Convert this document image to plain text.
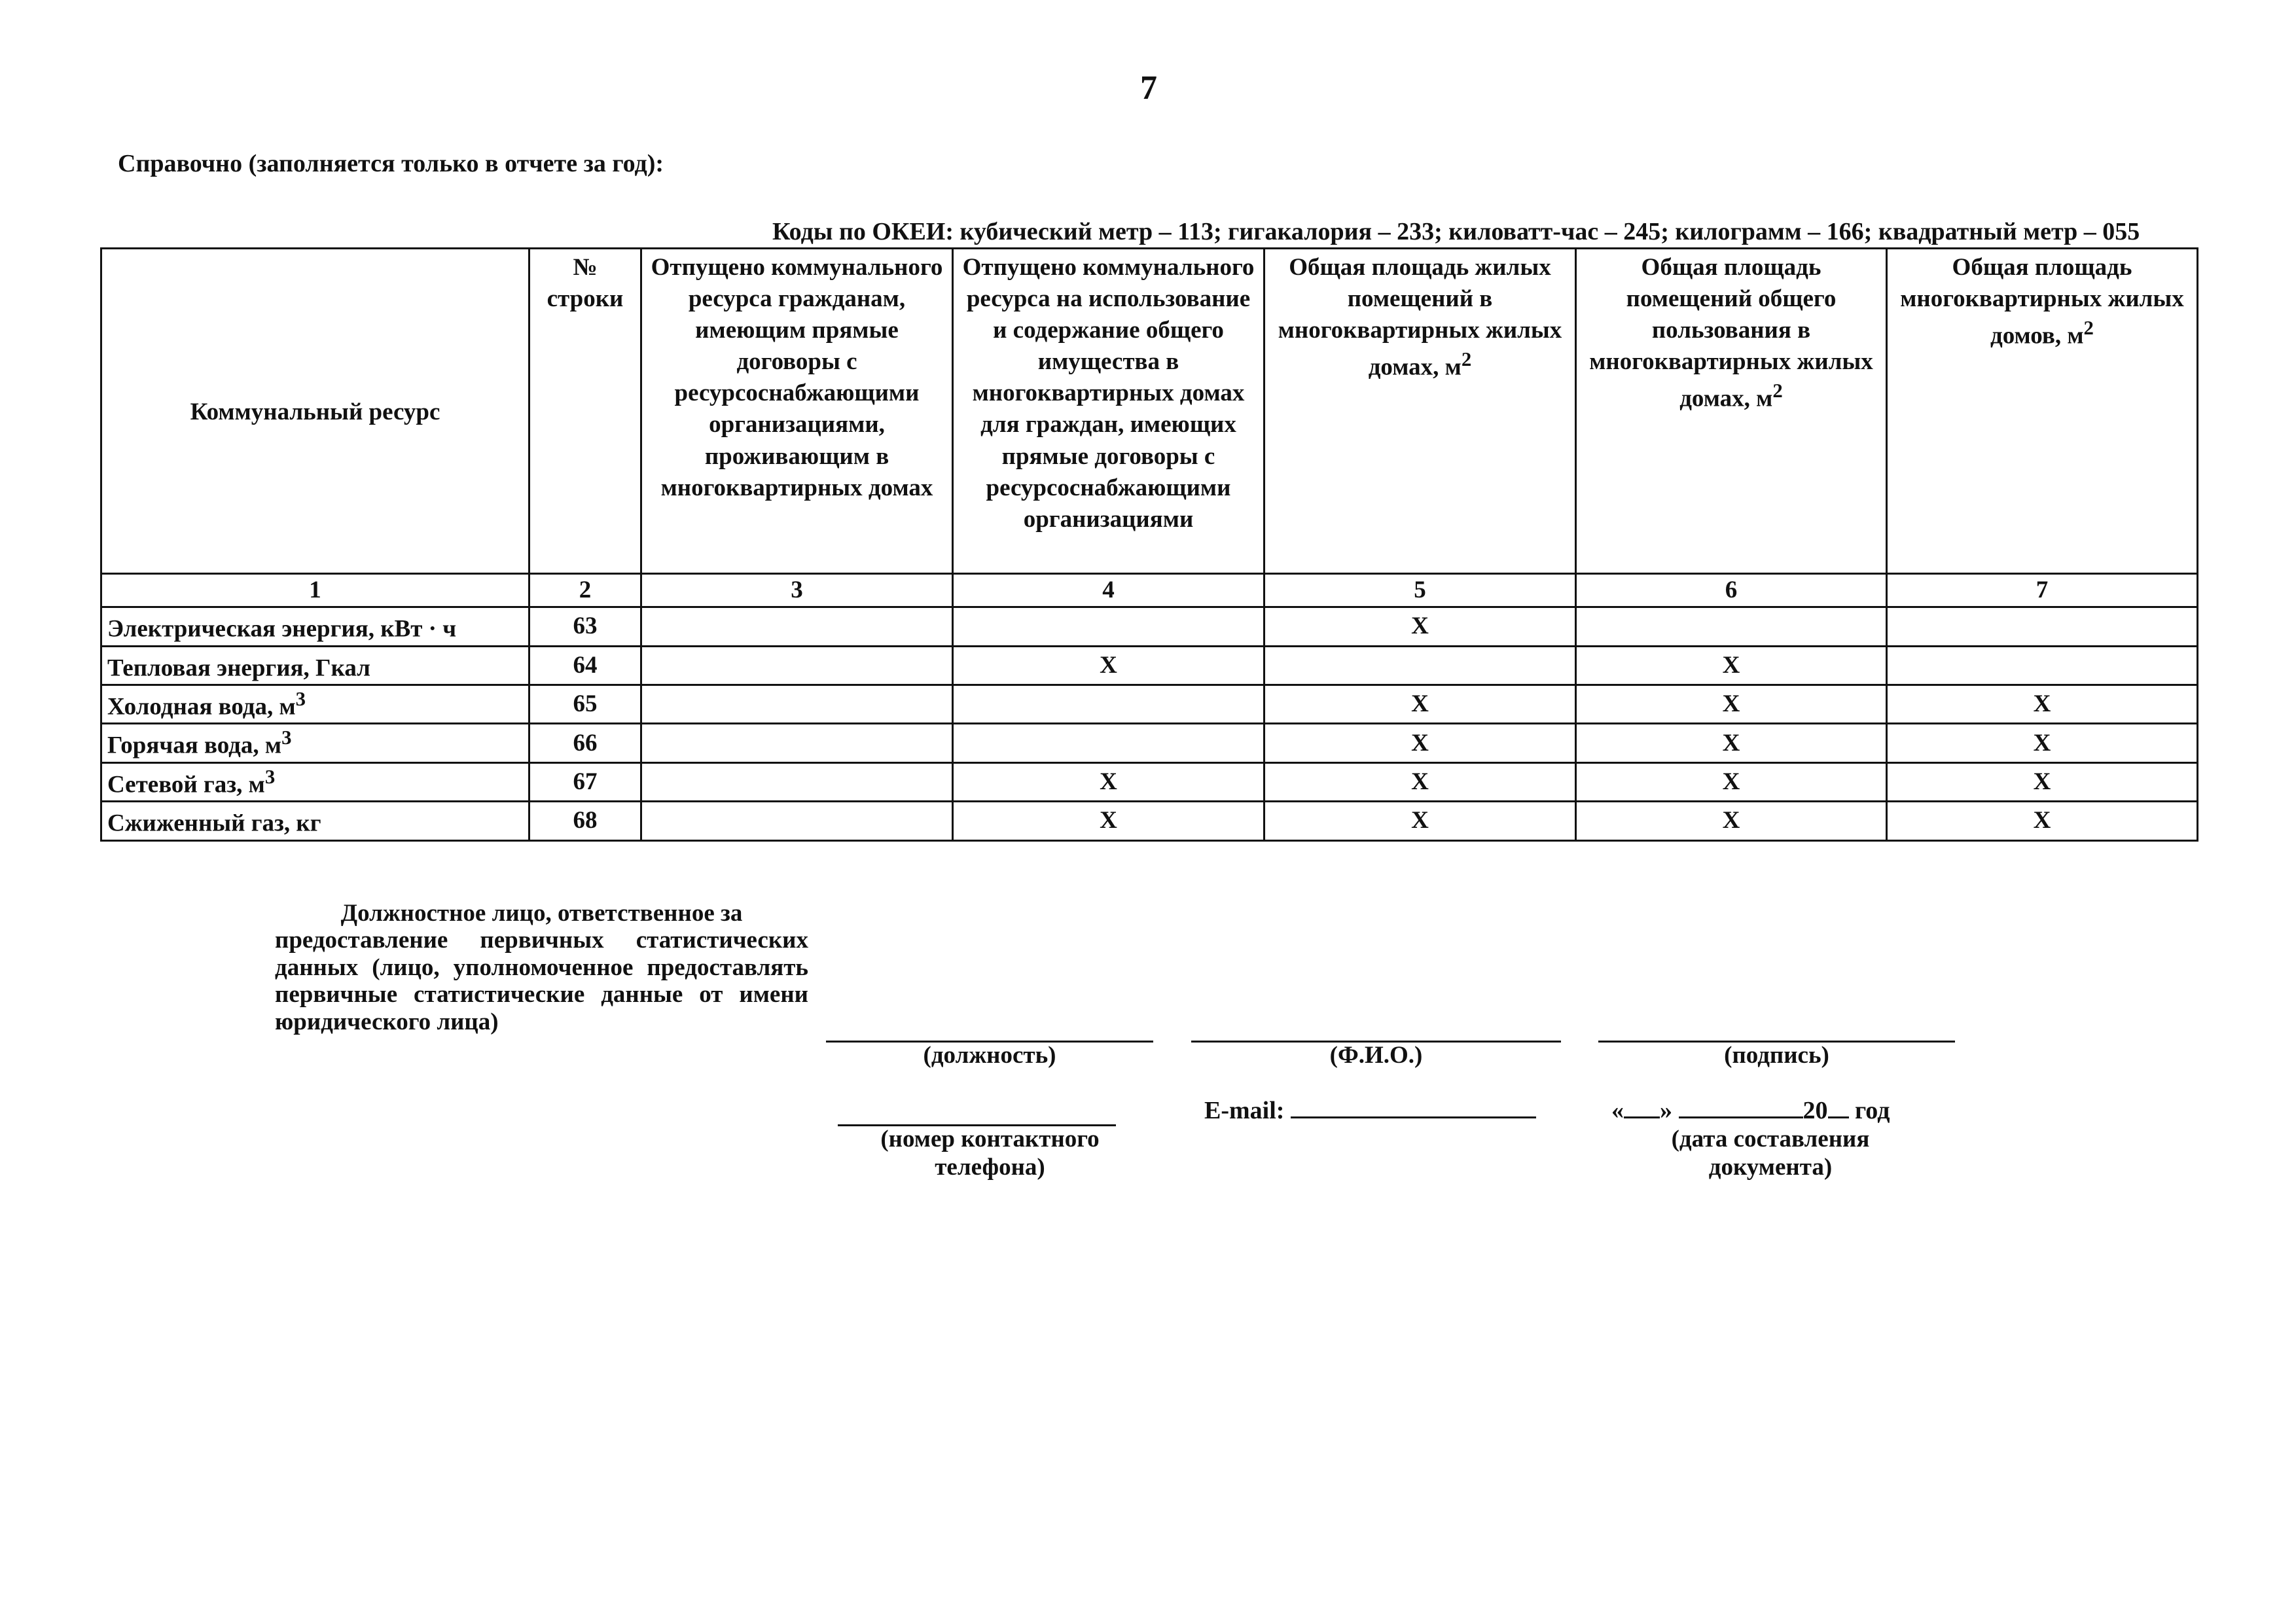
7
Справочно (заполняется только в отчете за год):
Коды по ОКЕИ: кубический метр – 113; гигакалория – 233; киловатт-час – 245; килограмм – 166; квадратный метр – 055
Коммунальный ресурс	№ строки	Отпущено коммунального ресурса гражданам, имеющим прямые договоры с ресурсоснабжающими организациями, проживающим в многоквартирных домах	Отпущено коммунального ресурса на использование и содержание общего имущества в многоквартирных домах для граждан, имеющих прямые договоры с ресурсоснабжающими организациями	Общая площадь жилых помещений в многоквартирных жилых домах, $м^2$	Общая площадь помещений общего пользования в многоквартирных жилых домах, $м^2$	Общая площадь многоквартирных жилых домов, $м^2$
1	2	3	4	5	6	7
Электрическая энергия, кВт · ч	63			X		
Тепловая энергия, Гкал	64		X		X	
Холодная вода, $м^3$	65			X	X	X
Горячая вода, $м^3$	66			X	X	X
Сетевой газ, $м^3$	67		X	X	X	X
Сжиженный газ, кг	68		X	X	X	X
Должностное лицо, ответственное за
предоставление первичных статистических данных (лицо, уполномоченное предоставлять первичные статистические данные от имени юридического лица)
(должность)	(Ф.И.О.)	(подпись)
(номер контактного телефона)
E-mail:	« »	20 год
(дата составления документа)
